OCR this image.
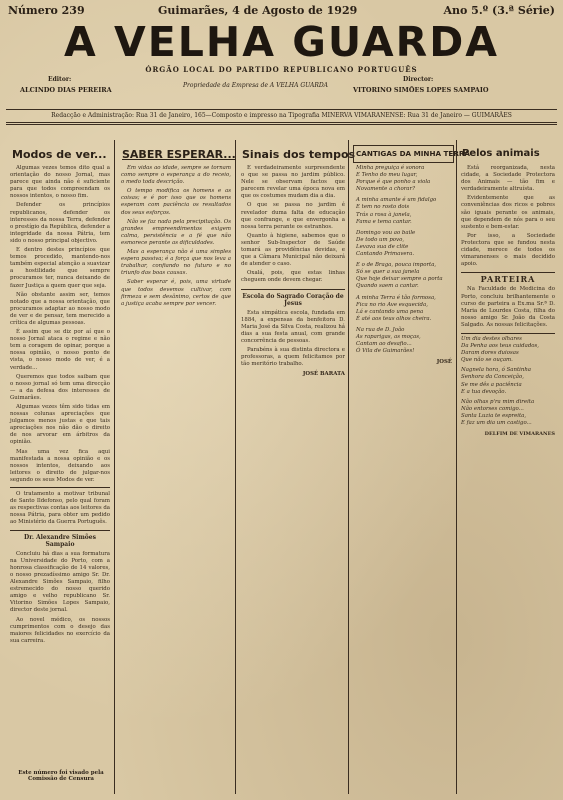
Número 239	Guimarães, 4 de Agosto de 1929	Ano 5.º (3.ª Série)
A VELHA GUARDA
ÓRGÃO LOCAL DO PARTIDO REPUBLICANO PORTUGUÊS
Editor:
ALCINDO DIAS PEREIRA
Propriedade da Empresa de A VELHA GUARDA
Director:
VITORINO SIMÕES LOPES SAMPAIO
Redacção e Administração: Rua 31 de Janeiro, 165—Composto e impresso na Tipografia MINERVA VIMARANENSE: Rua 31 de Janeiro — GUIMARÃES
Modos de ver...

Algumas vezes temos dito qual a orientação do nosso Jornal, mas parece que ainda não é suficiente para que todos compreendam os nossos intentos, o nosso fim.

Defender os princípios republicanos, defender os interesses da nossa Terra, defender o prestígio da República, defender a integridade da nossa Pátria, tem sido o nosso principal objectivo.

E dentro destes princípios que temos procedido, mantendo-nos também especial atenção a suavizar a hostilidade que sempre procuramos ter, nunca deixando de fazer Justiça a quem quer que seja.

Não obstante assim ser, temos notado que a nossa orientação, que procuramos adaptar ao nosso modo de ver e de pensar, tem merecido a crítica de algumas pessoas.

É assim que se diz por aí que o nosso Jornal ataca o regime e não tem a coragem de opinar, porque a nossa opinião, o nosso ponto de vista, o nosso modo de ver, é a verdade...

Queremos que todos saibam que o nosso jornal só tem uma direcção — a da defesa dos interesses de Guimarães.

Algumas vezes têm sido tidas em nossas colunas apreciações que julgamos menos justas e que tais apreciações nos não dão o direito de nos arvorar em árbitros da opinião.

Mas uma vez fica aqui manifestada a nossa opinião e os nossos intentos, deixando aos leitores o direito de julgar-nos segundo os seus Modos de ver.

O tratamento a motivar tribunal de Santo Ildefonso, pelo qual foram as respectivas contas aos leitores da nossa Pátria, para obter um pedido ao Ministério da Guerra Português.

Dr. Alexandre Simões Sampaio

Concluiu há dias a sua formatura na Universidade do Porto, com a honrosa classificação de 14 valores, o nosso prezadíssimo amigo Sr. Dr. Alexandre Simões Sampaio, filho estremecido do nosso querido amigo e velho republicano Sr. Vitorino Simões Lopes Sampaio, director deste jornal.

Ao novel médico, os nossos cumprimentos com o desejo das maiores felicidades no exercício da sua carreira.

Este número foi visado pela Comissão de Censura
SABER ESPERAR...

Em vidas ao idade, sempre se tornam como sempre o esperança a do receio, o medo toda descrição.

O tempo modifica os homens e as coisas; e é por isso que os homens esperam com paciência os resultados dos seus esforços.

Não se faz nada pela precipitação. Os grandes empreendimentos exigem calma, persistência e a fé que não esmorece perante as dificuldades.

Mas a esperança não é uma simples espera passiva; é a força que nos leva a trabalhar, confiando no futuro e no triunfo das boas causas.

Saber esperar é, pois, uma virtude que todos devemos cultivar, com firmeza e sem desânimo, certos de que a justiça acaba sempre por vencer.

Sinais dos tempos

E verdadeiramente surpreendente o que se passa no jardim público. Nele se observam factos que parecem revelar uma época nova em que os costumes mudam dia a dia.

O que se passa no jardim é revelador duma falta de educação que confrange, e que envergonha a nossa terra perante os estranhos.

Quanto à higiene, sabemos que o senhor Sub-Inspector de Saúde tomará as providências devidas, e que a Câmara Municipal não deixará de atender o caso.

Oxalá, pois, que estas linhas cheguem onde devem chegar.

Escola do Sagrado Coração de Jesus

Esta simpática escola, fundada em 1884, a expensas da benfeitora D. Maria José da Silva Costa, realizou há dias a sua festa anual, com grande concorrência de pessoas.

Parabéns à sua distinta directora e professoras, a quem felicitamos por tão meritório trabalho.

JOSÉ BARATA
CANTIGAS DA MINHA TERRA
Minha preguiça é sonora
E Tenho do meu lugar,
Porque é que ponho a viola
Novamente a chorar?
A minha amante é um fidalgo
E tem no rosto dois
Trás a rosa à janela,
Fama e tema cantar.
Domingo vou ao baile
De todo um povo,
Levava sua de clite
Cantando Primavera.
E o de Braga, pouca importa,
Só se quer a sua janela
Que hoje deixar sempre a porta
Quando saem a cantar.
A minha Terra é tão formosa,
Fica no rio Ave esquecida,
Lá e cantando uma pena
É até aos teus olhos cheira.
Na rua de D. João
As raparigas, as moças,
Cantam ao desafio...
Ó Vila de Guimarães!
JOSÉ
Pelos animais

Está reorganizada, nesta cidade, a Sociedade Protectora dos Animais — tão fim e verdadeiramente altruísta.

Evidentemente que as conveniências dos ricos e pobres são iguais perante os animais, que dependem de nós para o seu sustento e bem-estar.

Por isso, a Sociedade Protectora que se fundou nesta cidade, merece de todos os vimaranenses o mais decidido apoio.

PARTEIRA

Na Faculdade de Medicina do Porto, concluiu brilhantemente o curso de parteira a Ex.ma Sr.ª D. Maria de Lourdes Costa, filha do nosso amigo Sr. João da Costa Salgado. As nossas felicitações.

Um dia destes olhares
Da Penha aos teus cuidados,
Daram dores duiosas
Que não se ouçam.
Nagnela hora, ó Santinha
Senhora da Conceição,
Se me dês a paciência
E a tua devoção.
Não olhas p'ra mim direita
Não entorses comigo...
Santa Luzia te espreita,
E faz um dia um castigo...
DELFIM DE VIMARANES
